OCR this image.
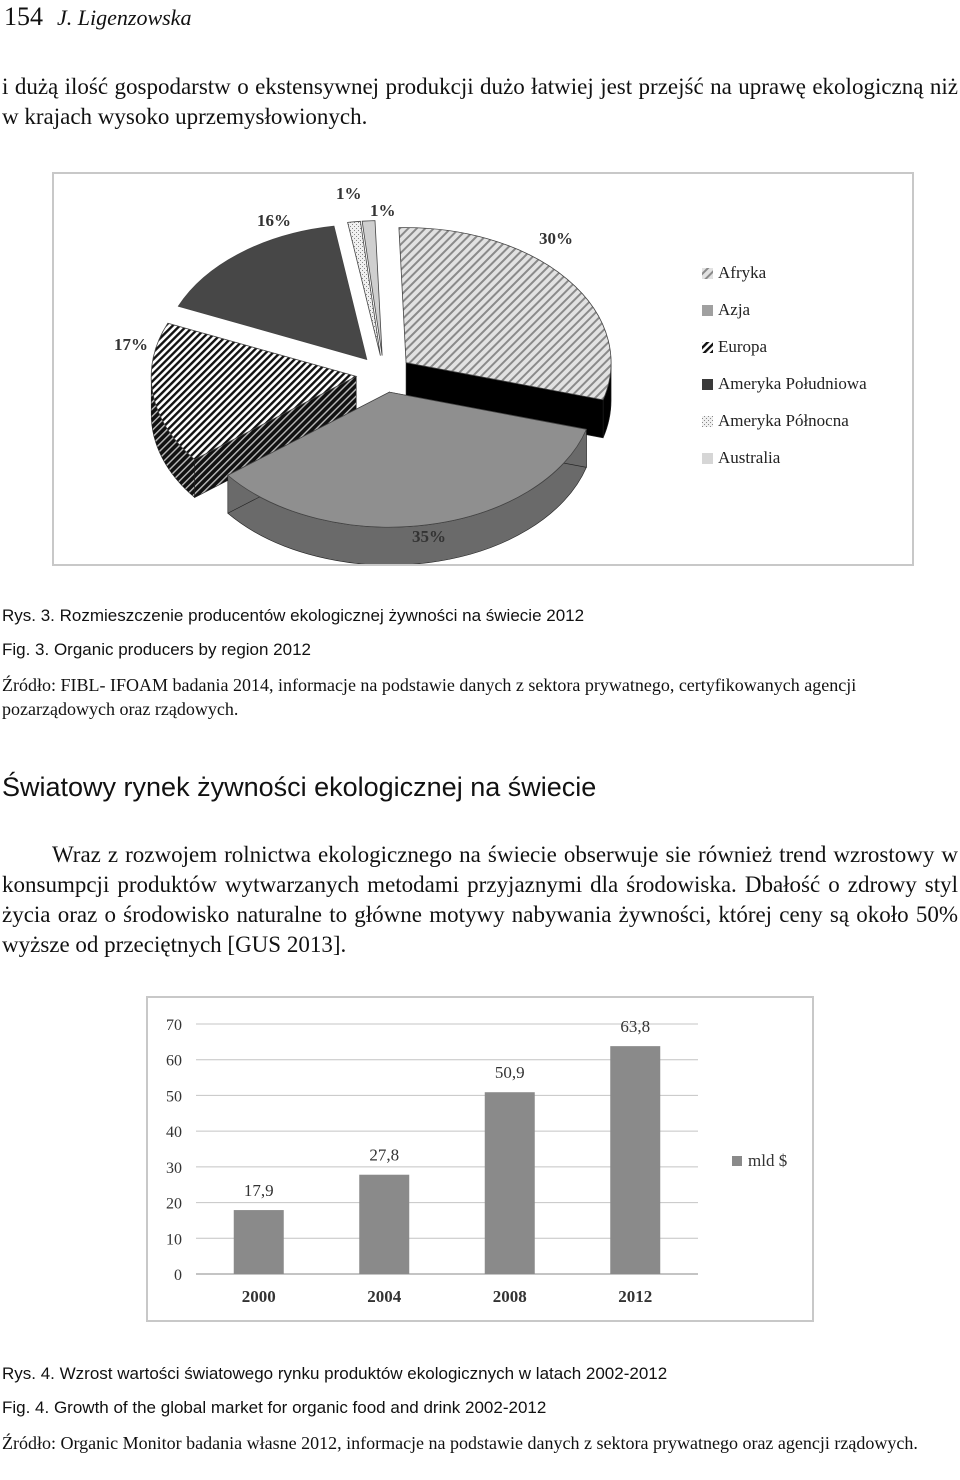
154 J. Ligenzowska

i dużą ilość gospodarstw o ekstensywnej produkcji dużo łatwiej jest przejść na uprawę ekologiczną niż w krajach wysoko uprzemysłowionych.

30%
35%
17%
16%
1%
1%
Afryka
Azja
Europa
Ameryka Południowa
Ameryka Północna
Australia

Rys. 3. Rozmieszczenie producentów ekologicznej żywności na świecie 2012

Fig. 3. Organic producers by region 2012

Źródło: FIBL- IFOAM badania 2014, informacje na podstawie danych z sektora prywatnego, certyfikowanych agencji pozarządowych oraz rządowych.

Światowy rynek żywności ekologicznej na świecie

Wraz z rozwojem rolnictwa ekologicznego na świecie obserwuje sie również trend wzrostowy w konsumpcji produktów wytwarzanych metodami przyjaznymi dla środowiska. Dbałość o zdrowy styl życia oraz o środowisko naturalne to główne motywy nabywania żywności, której ceny są około 50% wyższe od przeciętnych [GUS 2013].

0
10
20
30
40
50
60
70
17,9
27,8
50,9
63,8
2000	2004	2008	2012
mld $

Rys. 4. Wzrost wartości światowego rynku produktów ekologicznych w latach 2002-2012

Fig. 4. Growth of the global market for organic food and drink 2002-2012

Źródło: Organic Monitor badania własne 2012, informacje na podstawie danych z sektora prywatnego oraz agencji rządowych.
